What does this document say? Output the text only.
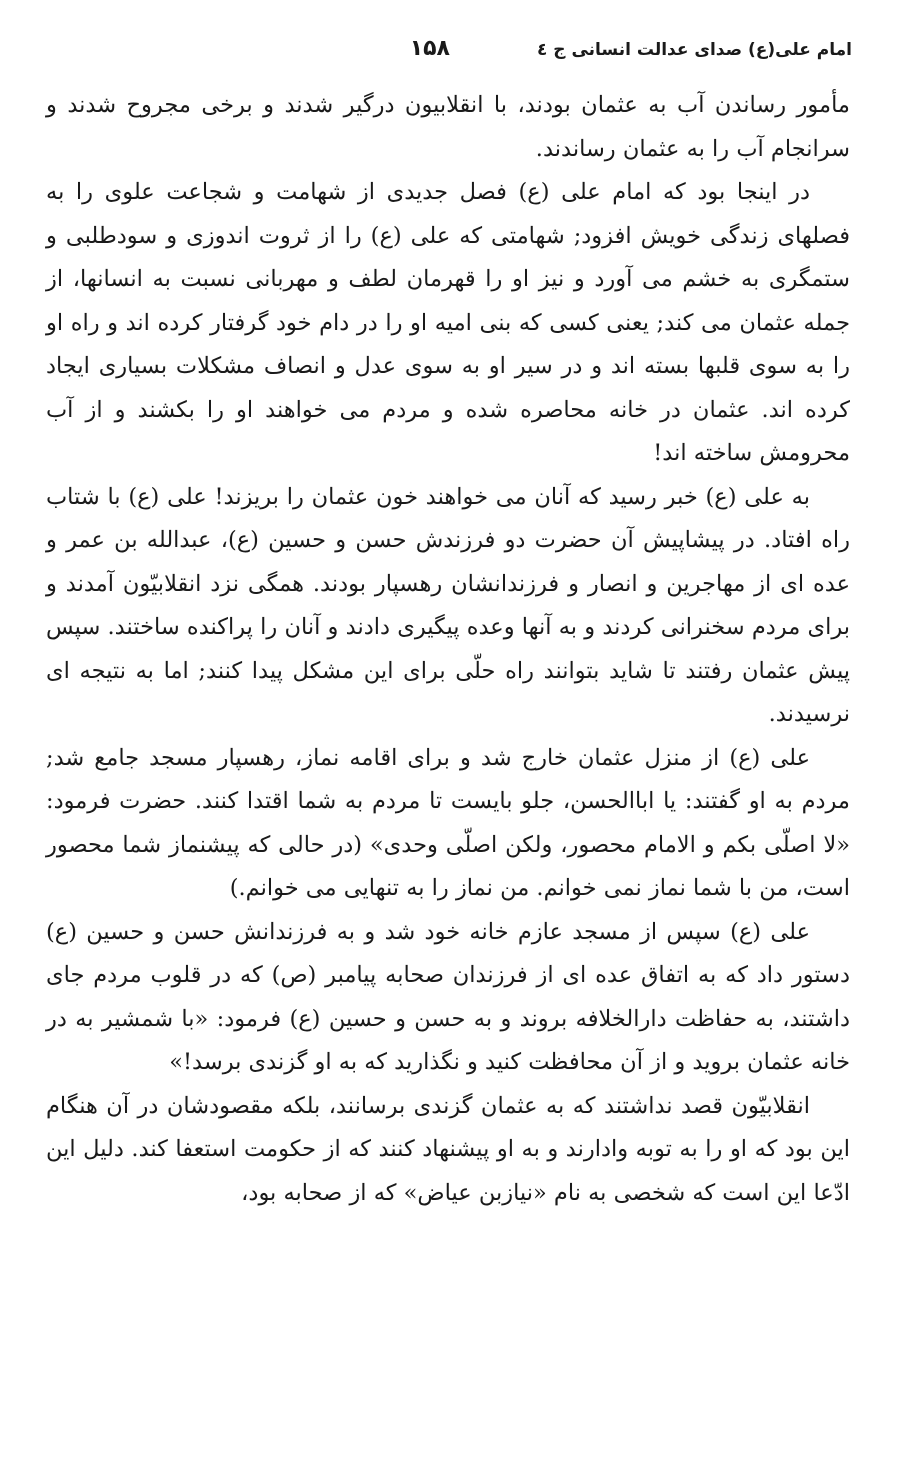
امام علی(ع) صدای عدالت انسانی ج ٤
۱۵۸

مأمور رساندن آب به عثمان بودند، با انقلابیون درگیر شدند و برخی مجروح شدند و سرانجام آب را به عثمان رساندند.

در اینجا بود که امام علی (ع) فصل جدیدی از شهامت و شجاعت علوی را به فصلهای زندگی خویش افزود; شهامتی که علی (ع) را از ثروت اندوزی و سودطلبی و ستمگری به خشم می آورد و نیز او را قهرمان لطف و مهربانی نسبت به انسانها، از جمله عثمان می کند; یعنی کسی که بنی امیه او را در دام خود گرفتار کرده اند و راه او را به سوی قلبها بسته اند و در سیر او به سوی عدل و انصاف مشکلات بسیاری ایجاد کرده اند. عثمان در خانه محاصره شده و مردم می خواهند او را بکشند و از آب محرومش ساخته اند!

به علی (ع) خبر رسید که آنان می خواهند خون عثمان را بریزند! علی (ع) با شتاب راه افتاد. در پیشاپیش آن حضرت دو فرزندش حسن و حسین (ع)، عبدالله بن عمر و عده ای از مهاجرین و انصار و فرزندانشان رهسپار بودند. همگی نزد انقلابیّون آمدند و برای مردم سخنرانی کردند و به آنها وعده پیگیری دادند و آنان را پراکنده ساختند. سپس پیش عثمان رفتند تا شاید بتوانند راه حلّی برای این مشکل پیدا کنند; اما به نتیجه ای نرسیدند.

علی (ع) از منزل عثمان خارج شد و برای اقامه نماز، رهسپار مسجد جامع شد; مردم به او گفتند: یا اباالحسن، جلو بایست تا مردم به شما اقتدا کنند. حضرت فرمود: «لا اصلّی بکم و الامام محصور، ولکن اصلّی وحدی» (در حالی که پیشنماز شما محصور است، من با شما نماز نمی خوانم. من نماز را به تنهایی می خوانم.)

علی (ع) سپس از مسجد عازم خانه خود شد و به فرزندانش حسن و حسین (ع) دستور داد که به اتفاق عده ای از فرزندان صحابه پیامبر (ص) که در قلوب مردم جای داشتند، به حفاظت دارالخلافه بروند و به حسن و حسین (ع) فرمود: «با شمشیر به در خانه عثمان بروید و از آن محافظت کنید و نگذارید که به او گزندی برسد!»

انقلابیّون قصد نداشتند که به عثمان گزندی برسانند، بلکه مقصودشان در آن هنگام این بود که او را به توبه وادارند و به او پیشنهاد کنند که از حکومت استعفا کند. دلیل این ادّعا این است که شخصی به نام «نیازبن عیاض» که از صحابه بود،
